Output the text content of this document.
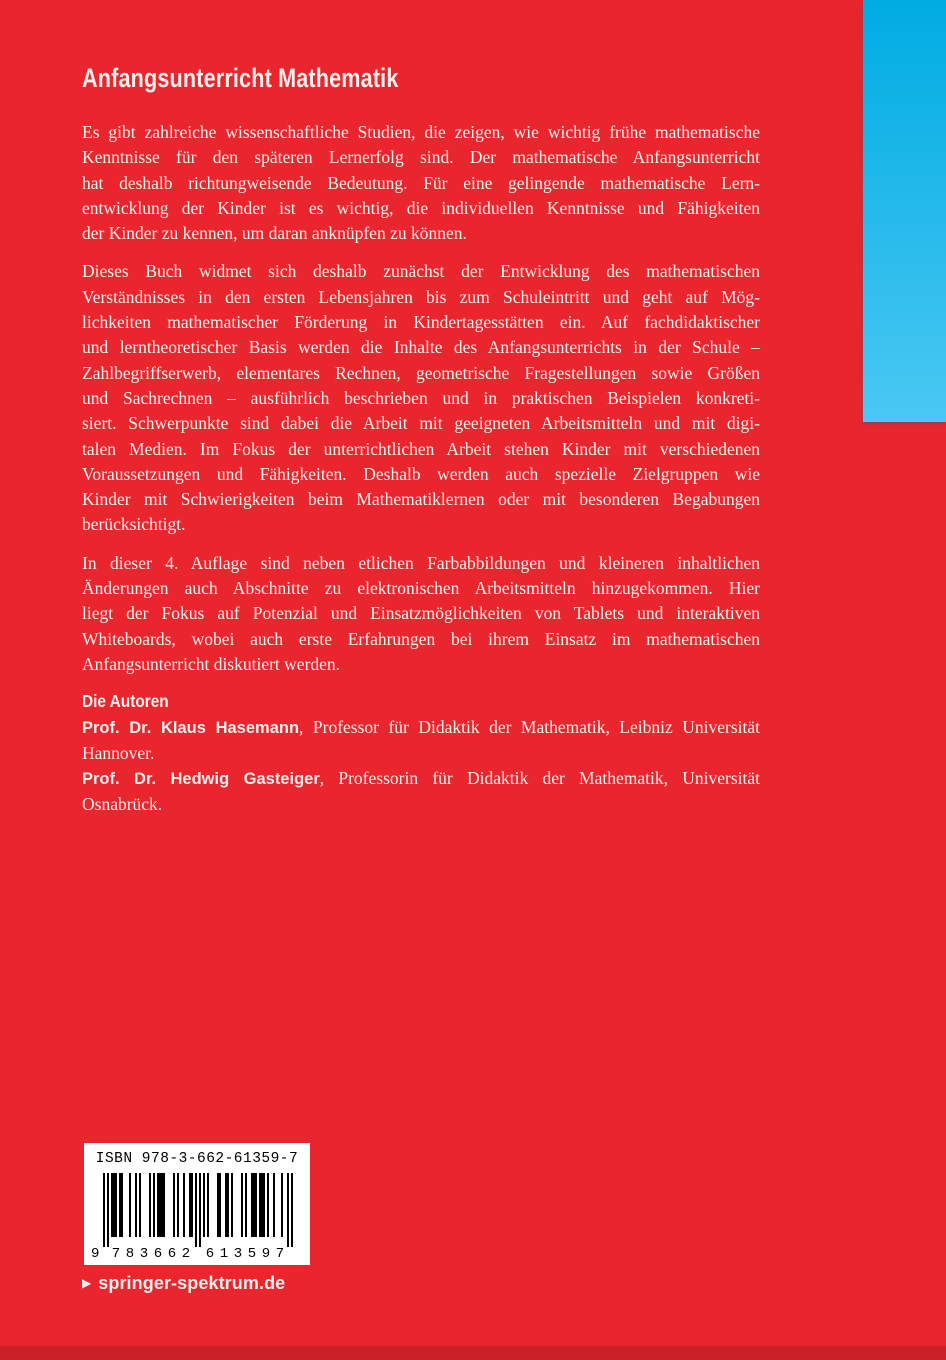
Anfangsunterricht Mathematik
Es gibt zahlreiche wissenschaftliche Studien, die zeigen, wie wichtig frühe mathematische
Kenntnisse für den späteren Lernerfolg sind. Der mathematische Anfangsunterricht
hat deshalb richtungweisende Bedeutung. Für eine gelingende mathematische Lern-
entwicklung der Kinder ist es wichtig, die individuellen Kenntnisse und Fähigkeiten
der Kinder zu kennen, um daran anknüpfen zu können.
Dieses Buch widmet sich deshalb zunächst der Entwicklung des mathematischen
Verständnisses in den ersten Lebensjahren bis zum Schuleintritt und geht auf Mög-
lichkeiten mathematischer Förderung in Kindertagesstätten ein. Auf fachdidaktischer
und lerntheoretischer Basis werden die Inhalte des Anfangsunterrichts in der Schule –
Zahlbegriffserwerb, elementares Rechnen, geometrische Fragestellungen sowie Größen
und Sachrechnen – ausführlich beschrieben und in praktischen Beispielen konkreti-
siert. Schwerpunkte sind dabei die Arbeit mit geeigneten Arbeitsmitteln und mit digi-
talen Medien. Im Fokus der unterrichtlichen Arbeit stehen Kinder mit verschiedenen
Voraussetzungen und Fähigkeiten. Deshalb werden auch spezielle Zielgruppen wie
Kinder mit Schwierigkeiten beim Mathematiklernen oder mit besonderen Begabungen
berücksichtigt.
In dieser 4. Auflage sind neben etlichen Farbabbildungen und kleineren inhaltlichen
Änderungen auch Abschnitte zu elektronischen Arbeitsmitteln hinzugekommen. Hier
liegt der Fokus auf Potenzial und Einsatzmöglichkeiten von Tablets und interaktiven
Whiteboards, wobei auch erste Erfahrungen bei ihrem Einsatz im mathematischen
Anfangsunterricht diskutiert werden.
Die Autoren
Prof. Dr. Klaus Hasemann, Professor für Didaktik der Mathematik, Leibniz Universität
Hannover.
Prof. Dr. Hedwig Gasteiger, Professorin für Didaktik der Mathematik, Universität
Osnabrück.
ISBN 978-3-662-61359-7
9 7 8 3 6 6 2 6 1 3 5 9 7
▶ springer-spektrum.de
